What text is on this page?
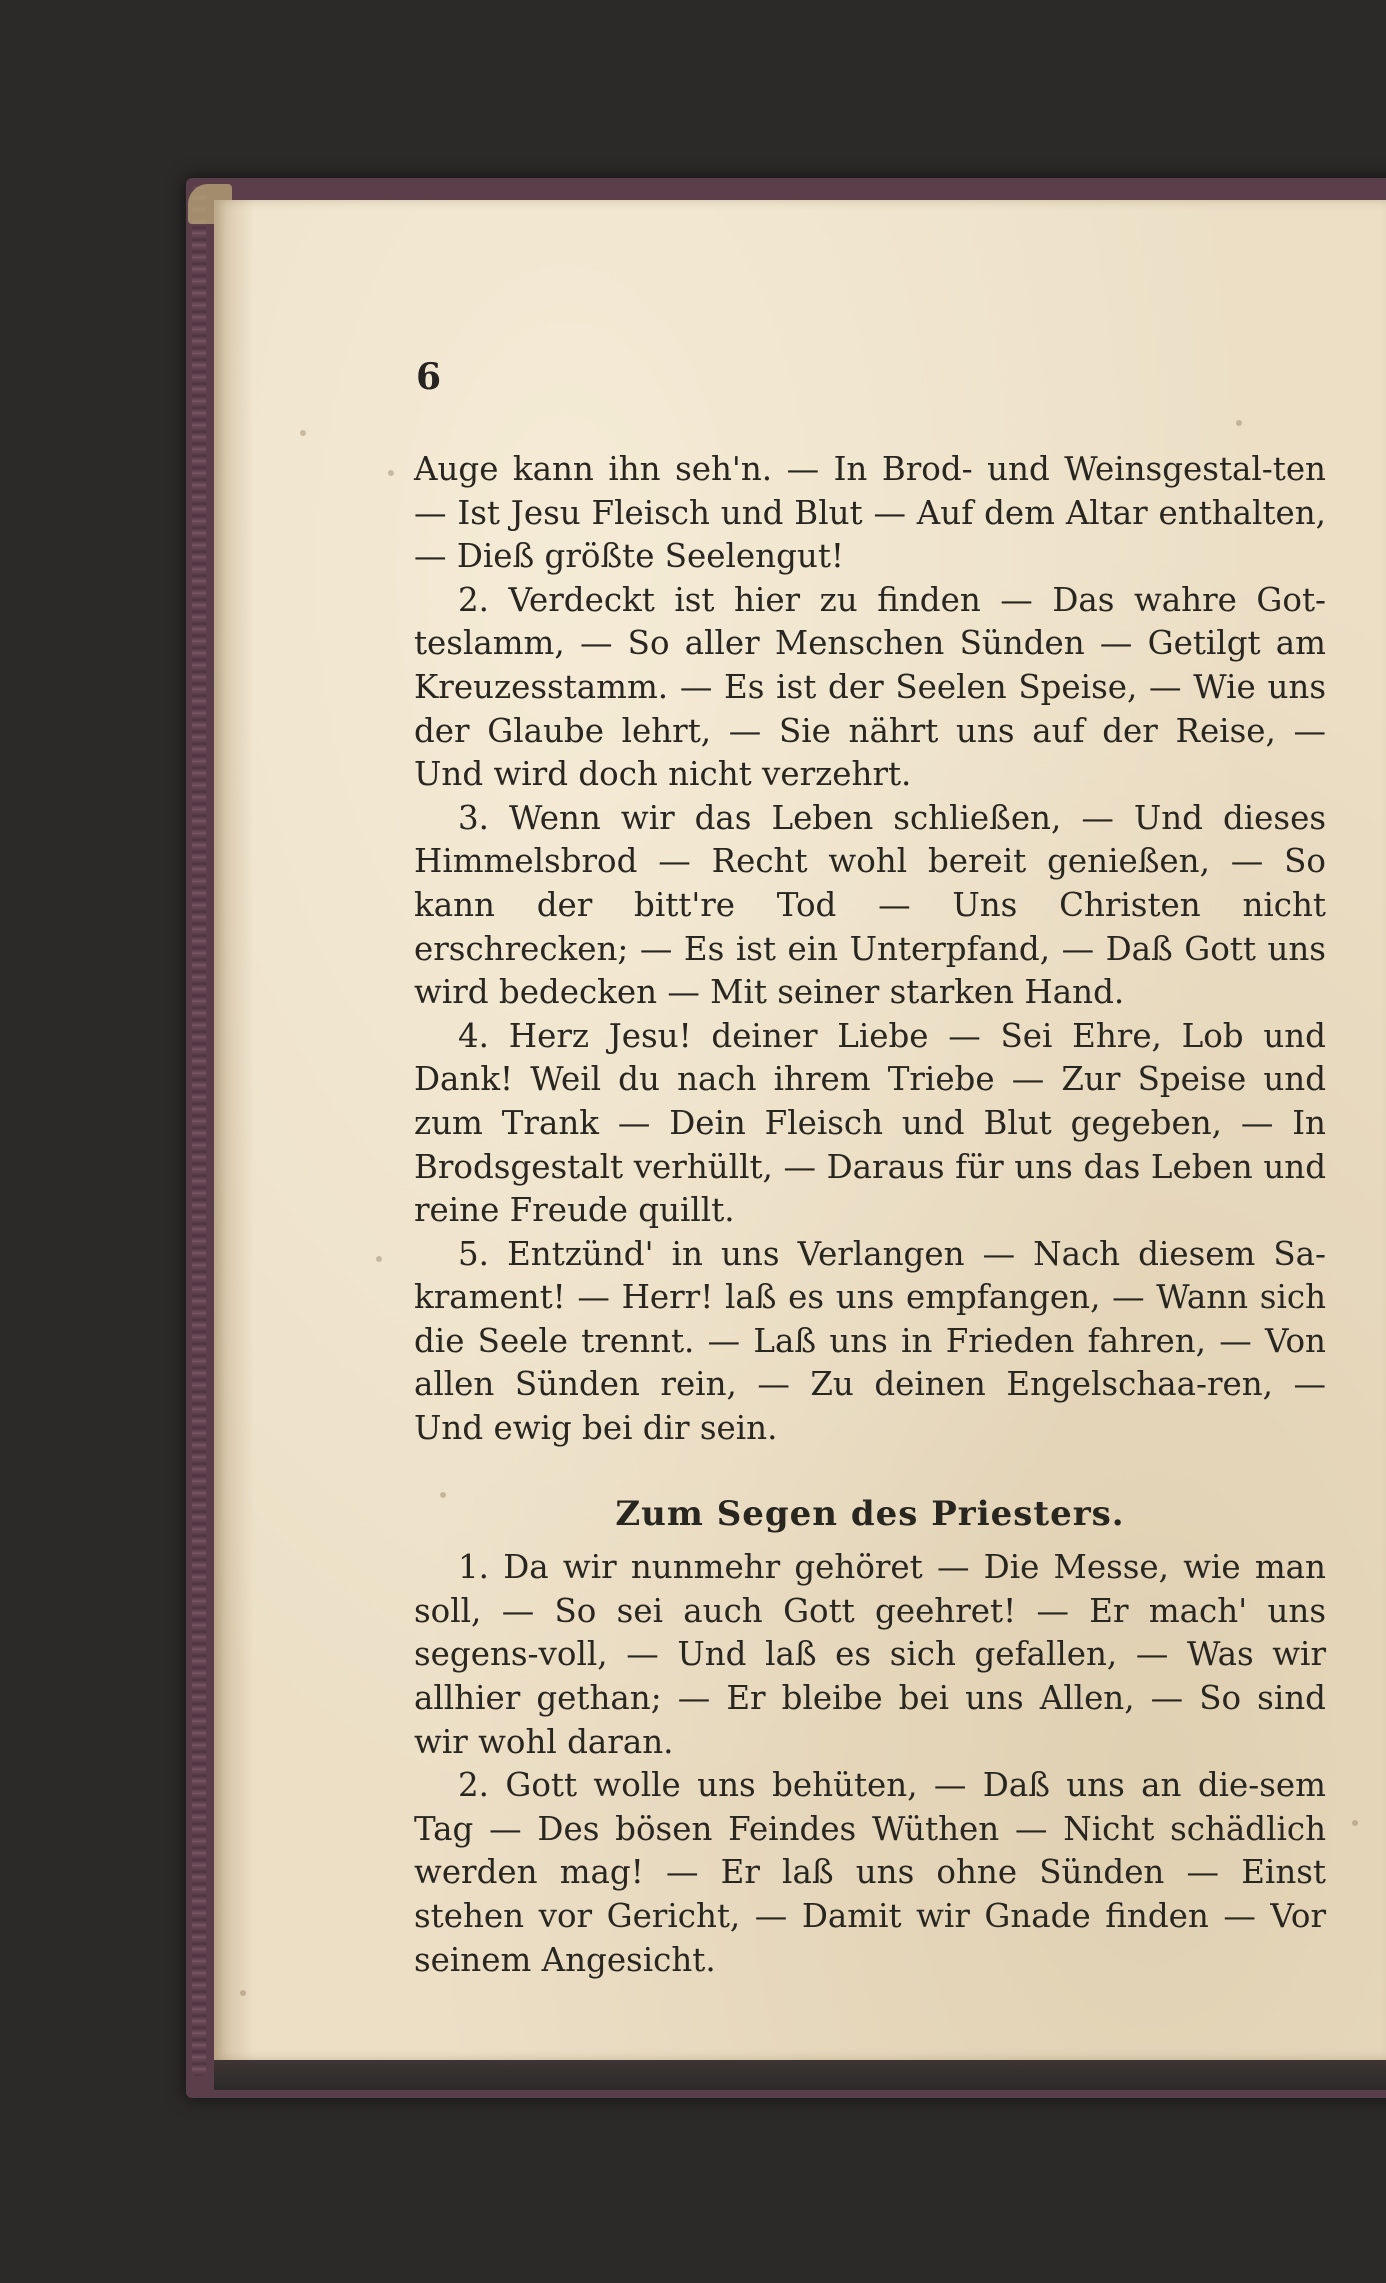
6

Auge kann ihn seh'n. — In Brod- und Weinsgestal-ten — Ist Jesu Fleisch und Blut — Auf dem Altar enthalten, — Dieß größte Seelengut!

2. Verdeckt ist hier zu finden — Das wahre Got-teslamm, — So aller Menschen Sünden — Getilgt am Kreuzesstamm. — Es ist der Seelen Speise, — Wie uns der Glaube lehrt, — Sie nährt uns auf der Reise, — Und wird doch nicht verzehrt.

3. Wenn wir das Leben schließen, — Und dieses Himmelsbrod — Recht wohl bereit genießen, — So kann der bitt're Tod — Uns Christen nicht erschrecken; — Es ist ein Unterpfand, — Daß Gott uns wird bedecken — Mit seiner starken Hand.

4. Herz Jesu! deiner Liebe — Sei Ehre, Lob und Dank! Weil du nach ihrem Triebe — Zur Speise und zum Trank — Dein Fleisch und Blut gegeben, — In Brodsgestalt verhüllt, — Daraus für uns das Leben und reine Freude quillt.

5. Entzünd' in uns Verlangen — Nach diesem Sa-krament! — Herr! laß es uns empfangen, — Wann sich die Seele trennt. — Laß uns in Frieden fahren, — Von allen Sünden rein, — Zu deinen Engelschaa-ren, — Und ewig bei dir sein.

Zum Segen des Priesters.

1. Da wir nunmehr gehöret — Die Messe, wie man soll, — So sei auch Gott geehret! — Er mach' uns segens-voll, — Und laß es sich gefallen, — Was wir allhier gethan; — Er bleibe bei uns Allen, — So sind wir wohl daran.

2. Gott wolle uns behüten, — Daß uns an die-sem Tag — Des bösen Feindes Wüthen — Nicht schädlich werden mag! — Er laß uns ohne Sünden — Einst stehen vor Gericht, — Damit wir Gnade finden — Vor seinem Angesicht.
